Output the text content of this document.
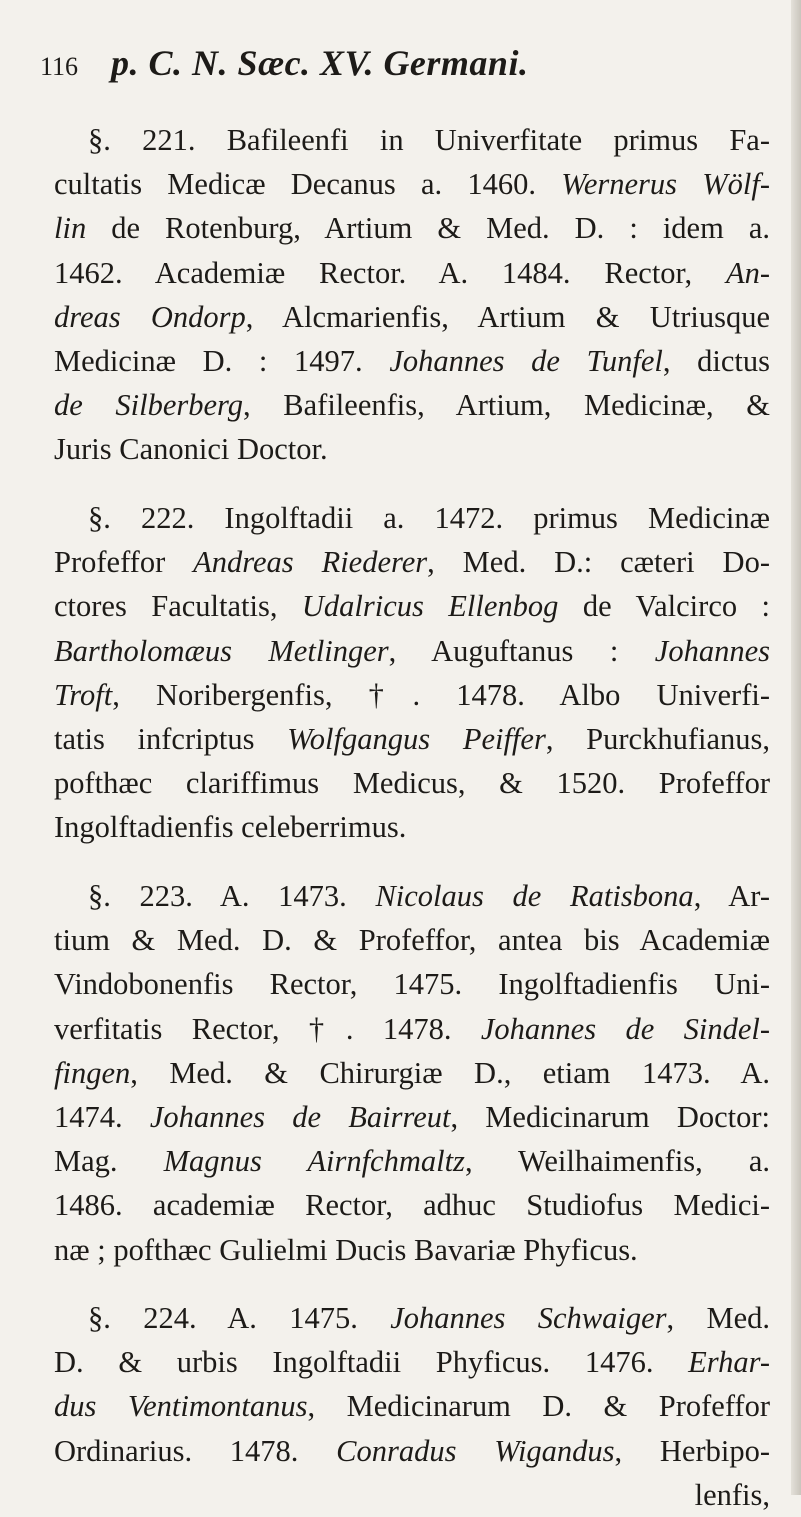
116 p. C. N. Sæc. XV. Germani.
§. 221. Bafileenfi in Univerfitate primus Fa-
cultatis Medicæ Decanus a. 1460. Wernerus Wölf-
lin de Rotenburg, Artium & Med. D. : idem a.
1462. Academiæ Rector. A. 1484. Rector, An-
dreas Ondorp, Alcmarienfis, Artium & Utriusque
Medicinæ D. : 1497. Johannes de Tunfel, dictus
de Silberberg, Bafileenfis, Artium, Medicinæ, &
Juris Canonici Doctor.
§. 222. Ingolftadii a. 1472. primus Medicinæ
Profeffor Andreas Riederer, Med. D.: cæteri Do-
ctores Facultatis, Udalricus Ellenbog de Valcirco :
Bartholomæus Metlinger, Auguftanus : Johannes
Troft, Noribergenfis, †. 1478. Albo Univerfi-
tatis infcriptus Wolfgangus Peiffer, Purckhufianus,
pofthæc clariffimus Medicus, & 1520. Profeffor
Ingolftadienfis celeberrimus.
§. 223. A. 1473. Nicolaus de Ratisbona, Ar-
tium & Med. D. & Profeffor, antea bis Academiæ
Vindobonenfis Rector, 1475. Ingolftadienfis Uni-
verfitatis Rector, †. 1478. Johannes de Sindel-
fingen, Med. & Chirurgiæ D., etiam 1473. A.
1474. Johannes de Bairreut, Medicinarum Doctor:
Mag. Magnus Airnfchmaltz, Weilhaimenfis, a.
1486. academiæ Rector, adhuc Studiofus Medici-
næ ; pofthæc Gulielmi Ducis Bavariæ Phyficus.
§. 224. A. 1475. Johannes Schwaiger, Med.
D. & urbis Ingolftadii Phyficus. 1476. Erhar-
dus Ventimontanus, Medicinarum D. & Profeffor
Ordinarius. 1478. Conradus Wigandus, Herbipo-
lenfis,
